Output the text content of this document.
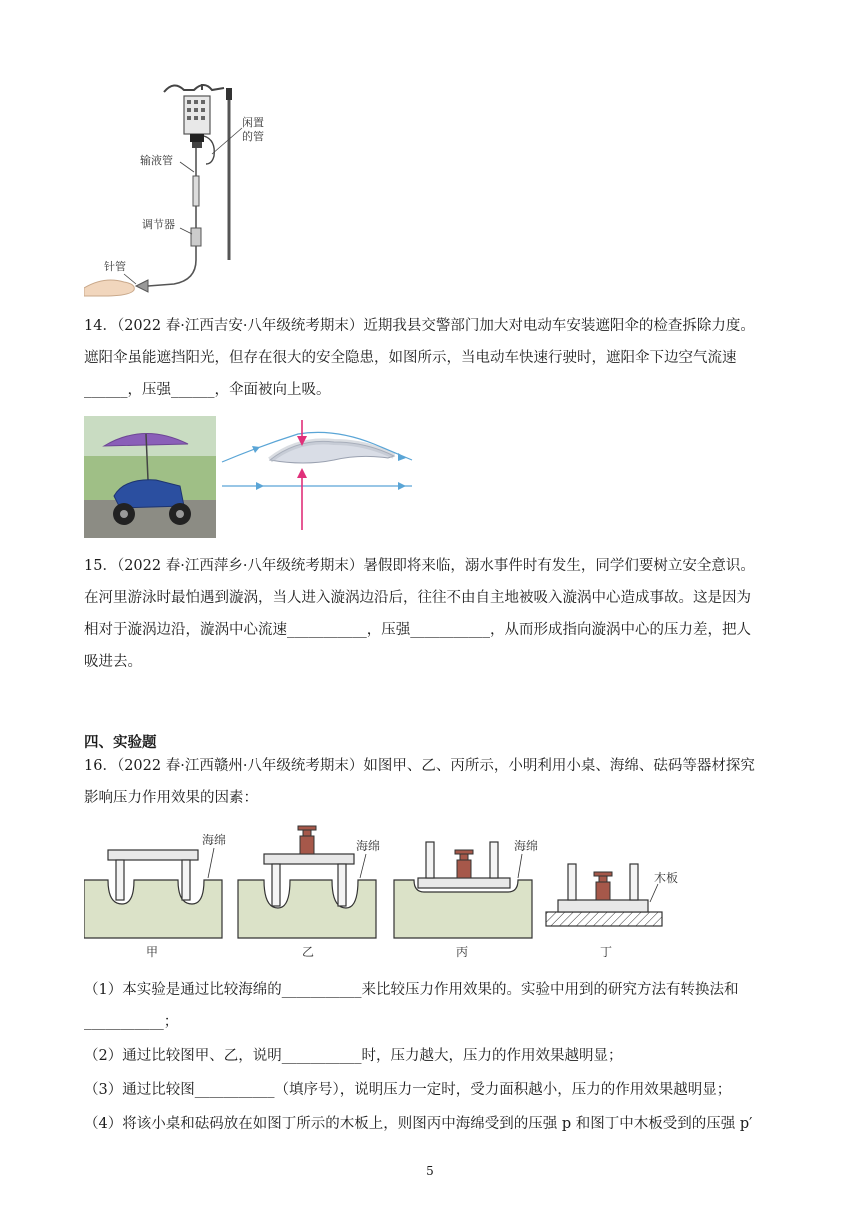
闲置
的管
输液管
调节器
针管
14．（2022 春·江西吉安·八年级统考期末）近期我县交警部门加大对电动车安装遮阳伞的检查拆除力度。
遮阳伞虽能遮挡阳光，但存在很大的安全隐患，如图所示，当电动车快速行驶时，遮阳伞下边空气流速
______，压强______，伞面被向上吸。
15．（2022 春·江西萍乡·八年级统考期末）暑假即将来临，溺水事件时有发生，同学们要树立安全意识。
在河里游泳时最怕遇到漩涡，当人进入漩涡边沿后，往往不由自主地被吸入漩涡中心造成事故。这是因为
相对于漩涡边沿，漩涡中心流速___________，压强___________，从而形成指向漩涡中心的压力差，把人
吸进去。
四、实验题
16．（2022 春·江西赣州·八年级统考期末）如图甲、乙、丙所示，小明利用小桌、海绵、砝码等器材探究
影响压力作用效果的因素：
海绵
甲
海绵
乙
海绵
丙
木板
丁
（1）本实验是通过比较海绵的___________来比较压力作用效果的。实验中用到的研究方法有转换法和
___________；
（2）通过比较图甲、乙，说明___________时，压力越大，压力的作用效果越明显；
（3）通过比较图___________（填序号），说明压力一定时，受力面积越小，压力的作用效果越明显；
（4）将该小桌和砝码放在如图丁所示的木板上，则图丙中海绵受到的压强 p 和图丁中木板受到的压强 p′
5
